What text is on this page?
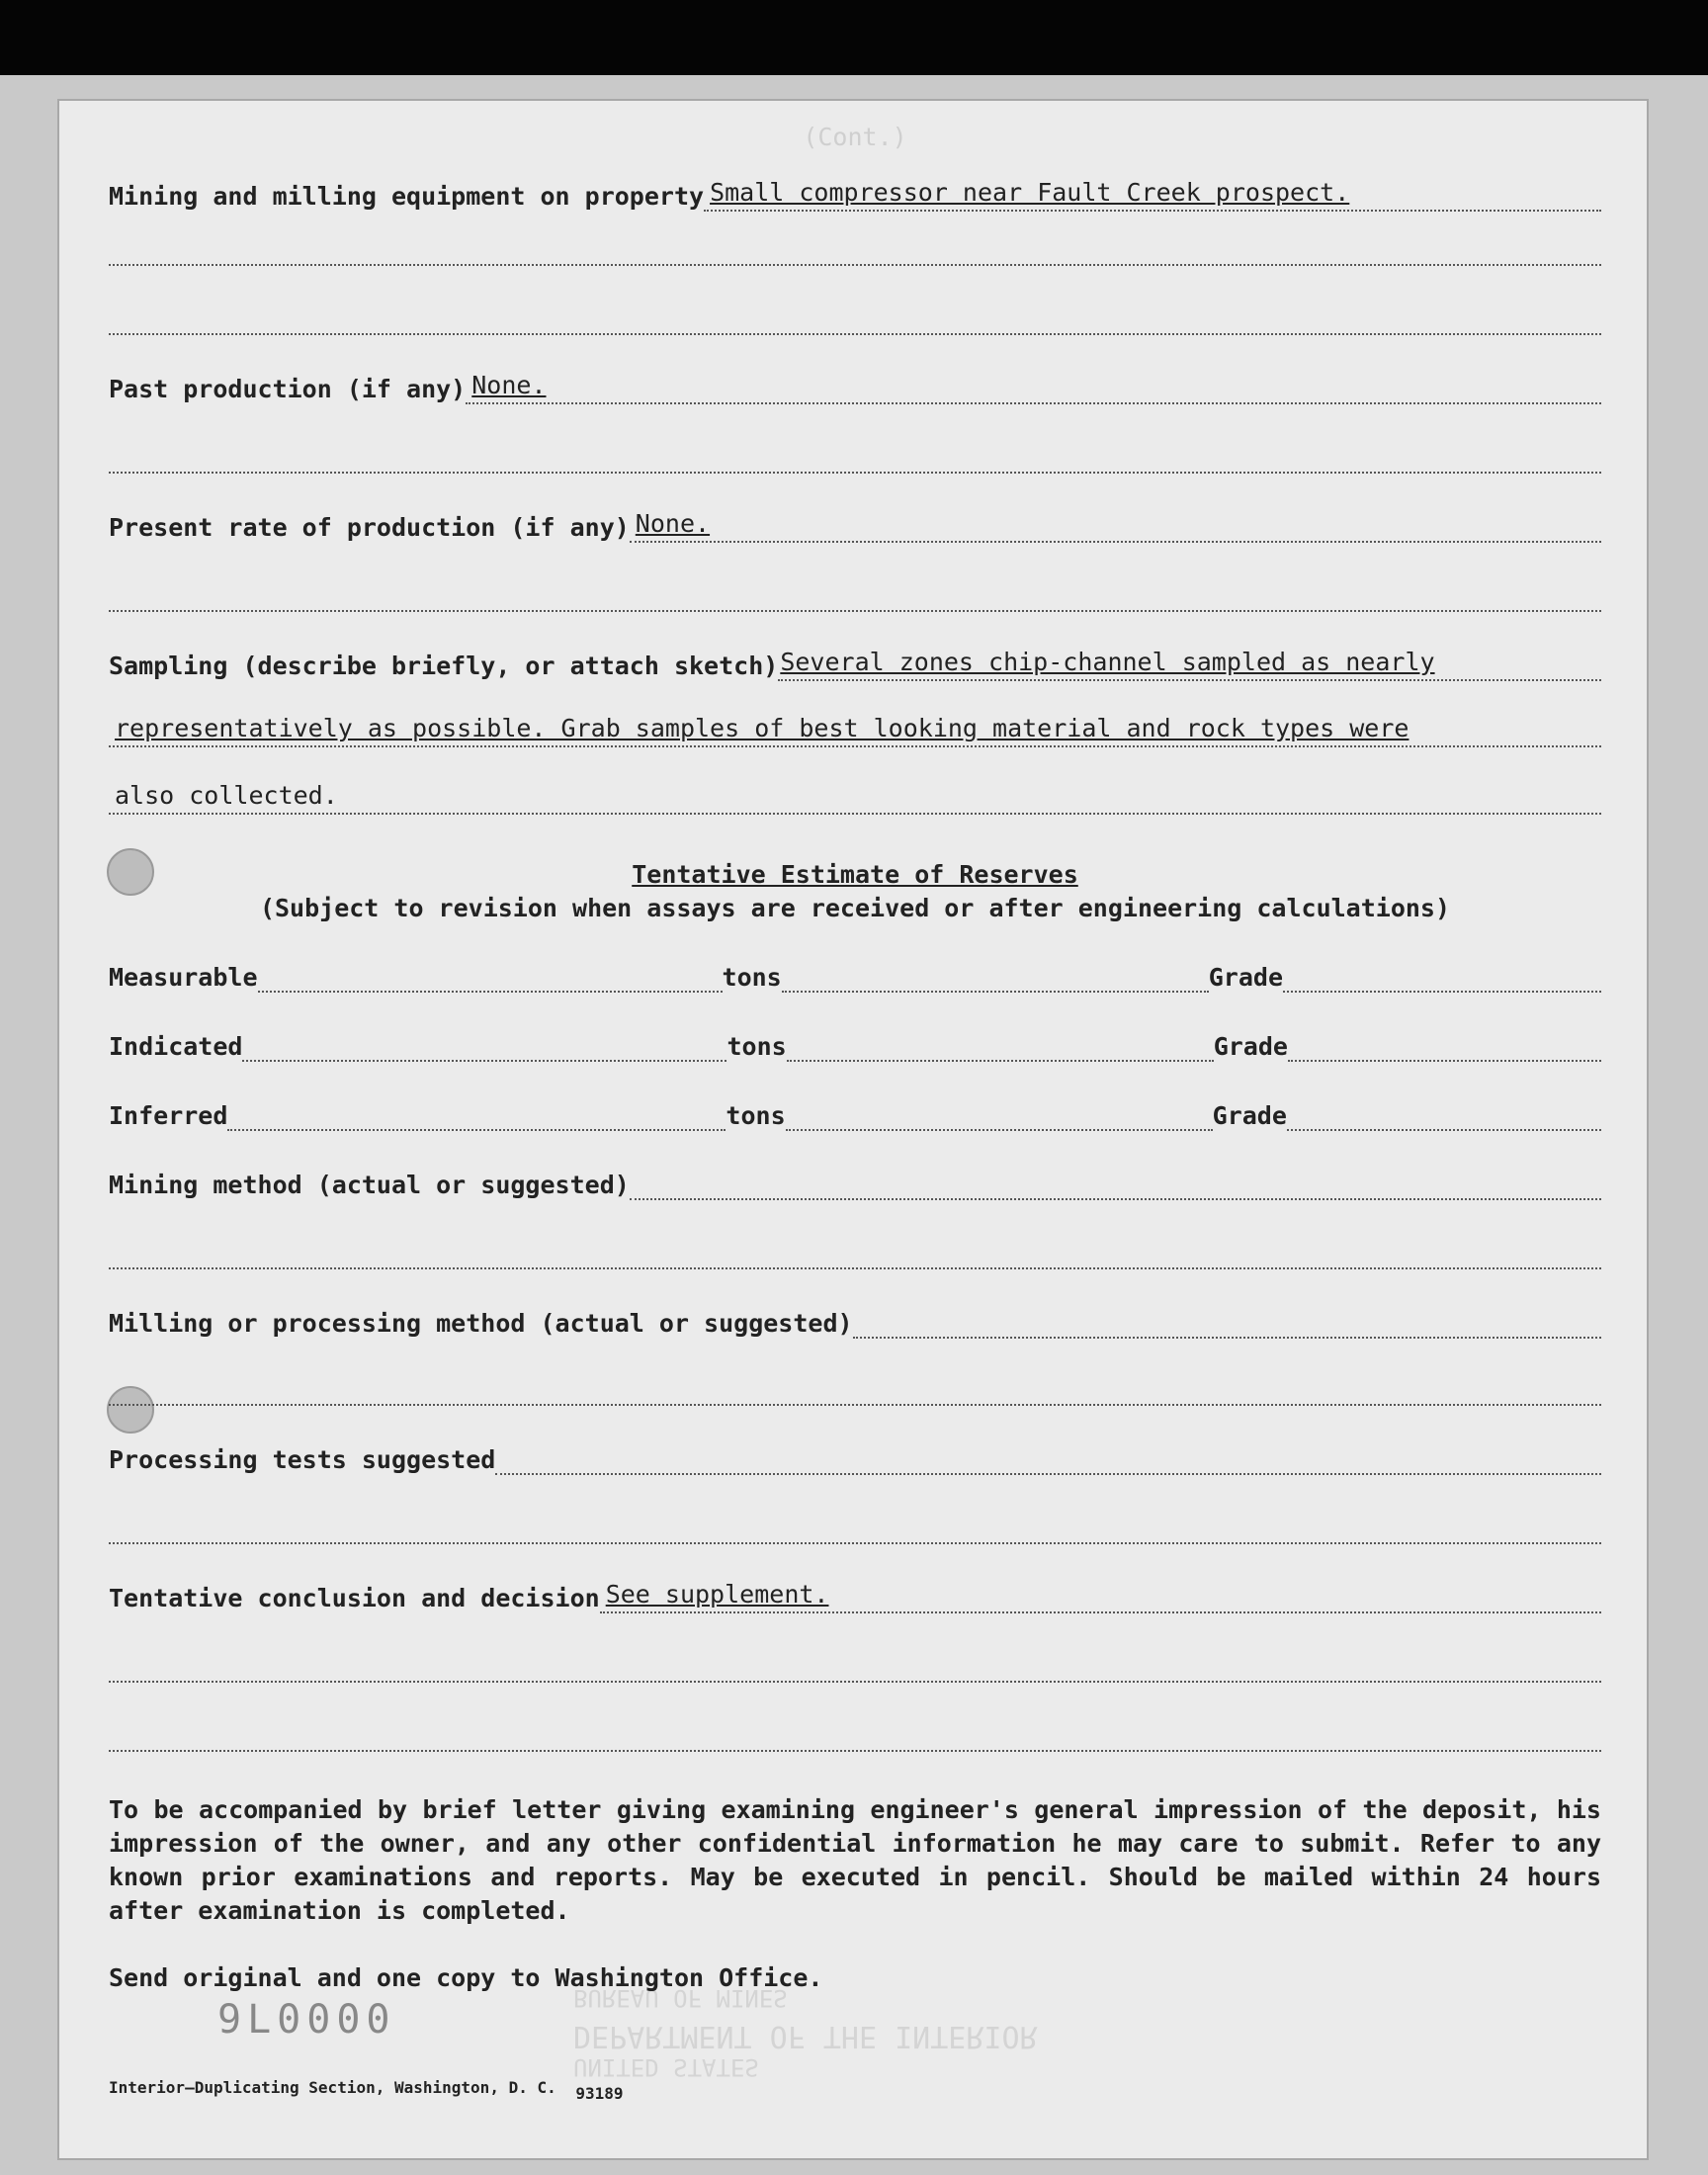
(Cont.)
UNITED STATES
DEPARTMENT OF THE INTERIOR
BUREAU OF MINES
Mining and milling equipment on property Small compressor near Fault Creek prospect.
Past production (if any) None.
Present rate of production (if any) None.
Sampling (describe briefly, or attach sketch) Several zones chip-channel sampled as nearly
representatively as possible. Grab samples of best looking material and rock types were
also collected.
Tentative Estimate of Reserves
(Subject to revision when assays are received or after engineering calculations)
Measurable	tons	Grade
Indicated	tons	Grade
Inferred	tons	Grade
Mining method (actual or suggested)
Milling or processing method (actual or suggested)
Processing tests suggested
Tentative conclusion and decision See supplement.
To be accompanied by brief letter giving examining engineer's general impression of the deposit, his impression of the owner, and any other confidential information he may care to submit. Refer to any known prior examinations and reports. May be executed in pencil. Should be mailed within 24 hours after examination is completed.
Send original and one copy to Washington Office.
9L0000
Interior—Duplicating Section, Washington, D. C. 93189
